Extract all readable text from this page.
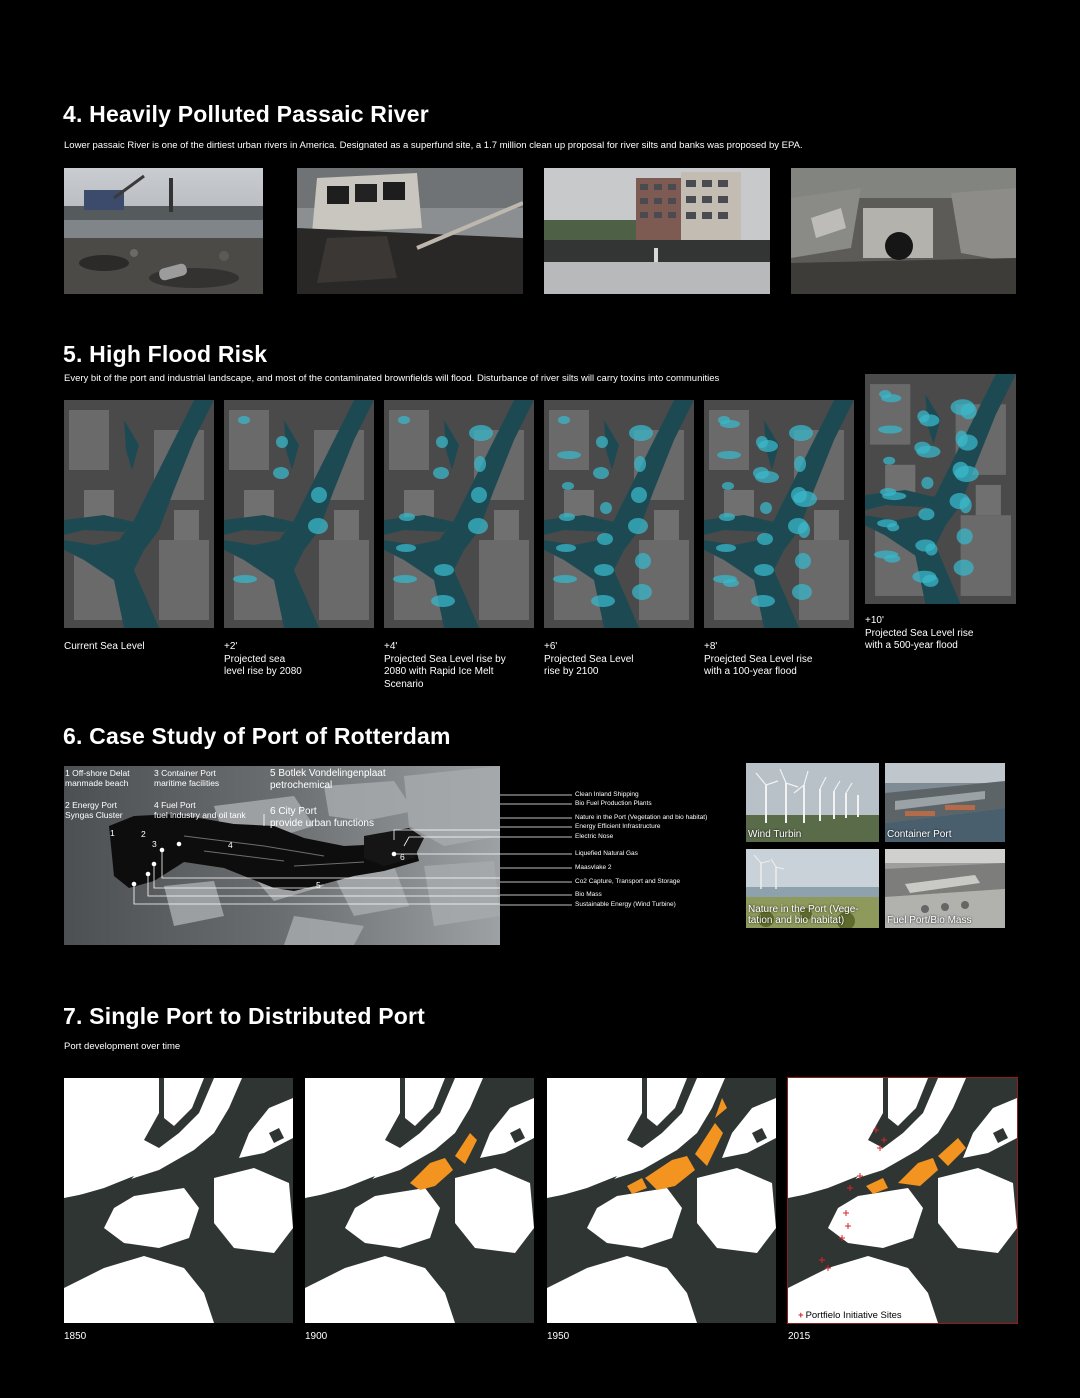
4. Heavily Polluted Passaic River
Lower passaic River is one of the dirtiest urban rivers in America. Designated as a superfund site, a 1.7 million clean up proposal for river silts and banks was proposed by EPA.
5. High Flood Risk
Every bit of the port and industrial landscape, and most of the contaminated brownfields will flood. Disturbance of river silts will carry toxins into communities
Current Sea Level	+2'
Projected sea
level rise by 2080
+4'
Projected Sea Level rise by
2080 with Rapid Ice Melt
Scenario
+6'
Projected Sea Level
rise by 2100
+8'
Proejcted Sea Level rise
with a 100-year flood
+10'
Projected Sea Level rise
with a 500-year flood
6. Case Study of Port of Rotterdam
1 Off-shore Delat
manmade beach
2 Energy Port
Syngas Cluster
3 Container Port
maritime facilities
4 Fuel Port
fuel industry and oil tank
5 Botlek Vondelingenplaat
petrochemical
6 City Port
provide urban functions
1	2
3	4
5
6
Clean Inland Shipping
Bio Fuel Production Plants
Nature in the Port (Vegetation and bio habitat)
Energy Efficient Infrastructure
Electric Nose
Liquefied Natural Gas
Maasvlake 2
Co2 Capture, Transport and Storage
Bio Mass
Sustainable Energy (Wind Turbine)
Wind Turbin	Container Port
Nature in the Port (Vege-
tation and bio habitat)	Fuel Port/Bio Mass
7. Single Port to Distributed Port
Port development over time
+ Portfielo Initiative Sites
1850	1900	1950	2015
